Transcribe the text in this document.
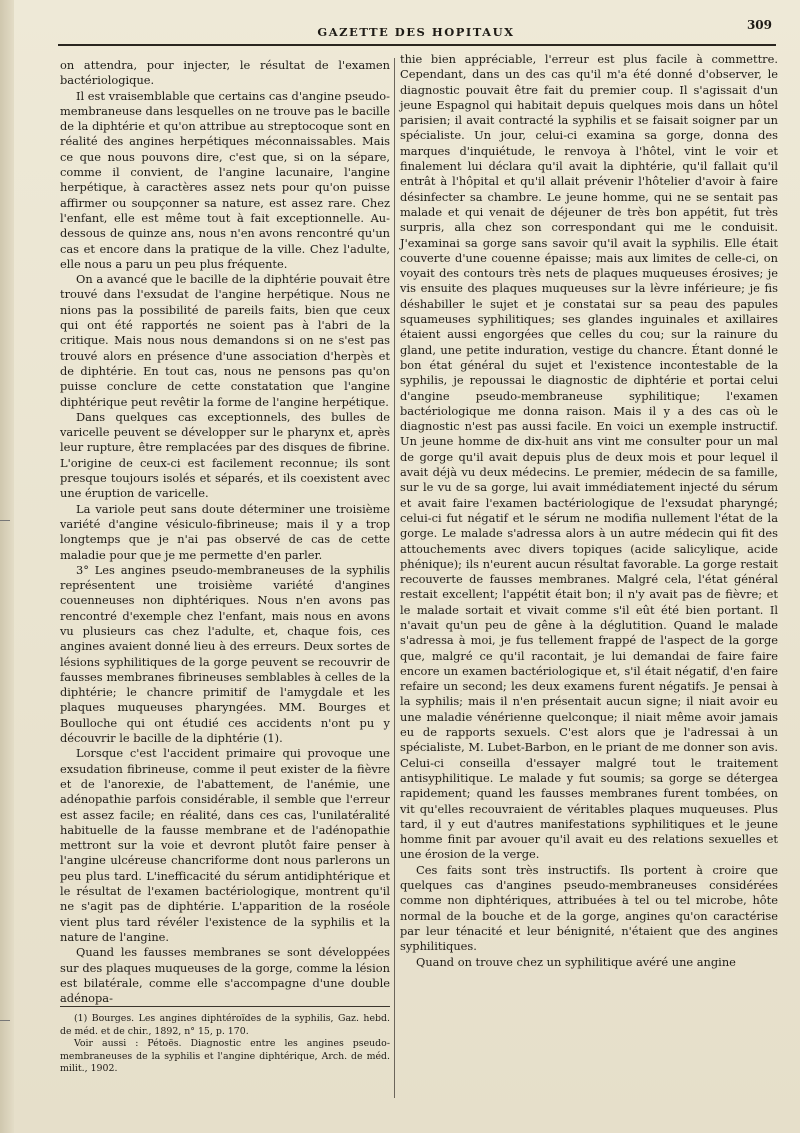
GAZETTE DES HOPITAUX	309

on attendra, pour injecter, le résultat de l'examen bactériologique.

Il est vraisemblable que certains cas d'angine pseudo-membraneuse dans lesquelles on ne trouve pas le bacille de la diphtérie et qu'on attribue au streptocoque sont en réalité des angines herpétiques méconnaissables. Mais ce que nous pouvons dire, c'est que, si on la sépare, comme il convient, de l'angine lacunaire, l'angine herpétique, à caractères assez nets pour qu'on puisse affirmer ou soupçonner sa nature, est assez rare. Chez l'enfant, elle est même tout à fait exceptionnelle. Au-dessous de quinze ans, nous n'en avons rencontré qu'un cas et encore dans la pratique de la ville. Chez l'adulte, elle nous a paru un peu plus fréquente.

On a avancé que le bacille de la diphtérie pouvait être trouvé dans l'exsudat de l'angine herpétique. Nous ne nions pas la possibilité de pareils faits, bien que ceux qui ont été rapportés ne soient pas à l'abri de la critique. Mais nous nous demandons si on ne s'est pas trouvé alors en présence d'une association d'herpès et de diphtérie. En tout cas, nous ne pensons pas qu'on puisse conclure de cette constatation que l'angine diphtérique peut revêtir la forme de l'angine herpétique.

Dans quelques cas exceptionnels, des bulles de varicelle peuvent se développer sur le pharynx et, après leur rupture, être remplacées par des disques de fibrine. L'origine de ceux-ci est facilement reconnue; ils sont presque toujours isolés et séparés, et ils coexistent avec une éruption de varicelle.

La variole peut sans doute déterminer une troisième variété d'angine vésiculo-fibrineuse; mais il y a trop longtemps que je n'ai pas observé de cas de cette maladie pour que je me permette d'en parler.

3° Les angines pseudo-membraneuses de la syphilis représentent une troisième variété d'angines couenneuses non diphtériques. Nous n'en avons pas rencontré d'exemple chez l'enfant, mais nous en avons vu plusieurs cas chez l'adulte, et, chaque fois, ces angines avaient donné lieu à des erreurs. Deux sortes de lésions syphilitiques de la gorge peuvent se recouvrir de fausses membranes fibrineuses semblables à celles de la diphtérie; le chancre primitif de l'amygdale et les plaques muqueuses pharyngées. MM. Bourges et Boulloche qui ont étudié ces accidents n'ont pu y découvrir le bacille de la diphtérie (1).

Lorsque c'est l'accident primaire qui provoque une exsudation fibrineuse, comme il peut exister de la fièvre et de l'anorexie, de l'abattement, de l'anémie, une adénopathie parfois considérable, il semble que l'erreur est assez facile; en réalité, dans ces cas, l'unilatéralité habituelle de la fausse membrane et de l'adénopathie mettront sur la voie et devront plutôt faire penser à l'angine ulcéreuse chancriforme dont nous parlerons un peu plus tard. L'inefficacité du sérum antidiphtérique et le résultat de l'examen bactériologique, montrent qu'il ne s'agit pas de diphtérie. L'apparition de la roséole vient plus tard révéler l'existence de la syphilis et la nature de l'angine.

Quand les fausses membranes se sont développées sur des plaques muqueuses de la gorge, comme la lésion est bilatérale, comme elle s'accompagne d'une double adénopa-

thie bien appréciable, l'erreur est plus facile à commettre. Cependant, dans un des cas qu'il m'a été donné d'observer, le diagnostic pouvait être fait du premier coup. Il s'agissait d'un jeune Espagnol qui habitait depuis quelques mois dans un hôtel parisien; il avait contracté la syphilis et se faisait soigner par un spécialiste. Un jour, celui-ci examina sa gorge, donna des marques d'inquiétude, le renvoya à l'hôtel, vint le voir et finalement lui déclara qu'il avait la diphtérie, qu'il fallait qu'il entrât à l'hôpital et qu'il allait prévenir l'hôtelier d'avoir à faire désinfecter sa chambre. Le jeune homme, qui ne se sentait pas malade et qui venait de déjeuner de très bon appétit, fut très surpris, alla chez son correspondant qui me le conduisit. J'examinai sa gorge sans savoir qu'il avait la syphilis. Elle était couverte d'une couenne épaisse; mais aux limites de celle-ci, on voyait des contours très nets de plaques muqueuses érosives; je vis ensuite des plaques muqueuses sur la lèvre inférieure; je fis déshabiller le sujet et je constatai sur sa peau des papules squameuses syphilitiques; ses glandes inguinales et axillaires étaient aussi engorgées que celles du cou; sur la rainure du gland, une petite induration, vestige du chancre. Étant donné le bon état général du sujet et l'existence incontestable de la syphilis, je repoussai le diagnostic de diphtérie et portai celui d'angine pseudo-membraneuse syphilitique; l'examen bactériologique me donna raison. Mais il y a des cas où le diagnostic n'est pas aussi facile. En voici un exemple instructif. Un jeune homme de dix-huit ans vint me consulter pour un mal de gorge qu'il avait depuis plus de deux mois et pour lequel il avait déjà vu deux médecins. Le premier, médecin de sa famille, sur le vu de sa gorge, lui avait immédiatement injecté du sérum et avait faire l'examen bactériologique de l'exsudat pharyngé; celui-ci fut négatif et le sérum ne modifia nullement l'état de la gorge. Le malade s'adressa alors à un autre médecin qui fit des attouchements avec divers topiques (acide salicylique, acide phénique); ils n'eurent aucun résultat favorable. La gorge restait recouverte de fausses membranes. Malgré cela, l'état général restait excellent; l'appétit était bon; il n'y avait pas de fièvre; et le malade sortait et vivait comme s'il eût été bien portant. Il n'avait qu'un peu de gêne à la déglutition. Quand le malade s'adressa à moi, je fus tellement frappé de l'aspect de la gorge que, malgré ce qu'il racontait, je lui demandai de faire faire encore un examen bactériologique et, s'il était négatif, d'en faire refaire un second; les deux examens furent négatifs. Je pensai à la syphilis; mais il n'en présentait aucun signe; il niait avoir eu une maladie vénérienne quelconque; il niait même avoir jamais eu de rapports sexuels. C'est alors que je l'adressai à un spécialiste, M. Lubet-Barbon, en le priant de me donner son avis. Celui-ci conseilla d'essayer malgré tout le traitement antisyphilitique. Le malade y fut soumis; sa gorge se détergea rapidement; quand les fausses membranes furent tombées, on vit qu'elles recouvraient de véritables plaques muqueuses. Plus tard, il y eut d'autres manifestations syphilitiques et le jeune homme finit par avouer qu'il avait eu des relations sexuelles et une érosion de la verge.

Ces faits sont très instructifs. Ils portent à croire que quelques cas d'angines pseudo-membraneuses considérées comme non diphtériques, attribuées à tel ou tel microbe, hôte normal de la bouche et de la gorge, angines qu'on caractérise par leur ténacité et leur bénignité, n'étaient que des angines syphilitiques.

Quand on trouve chez un syphilitique avéré une angine

(1) Bourges. Les angines diphtéroïdes de la syphilis, Gaz. hebd. de méd. et de chir., 1892, n° 15, p. 170.

Voir aussi : Pétoës. Diagnostic entre les angines pseudo-membraneuses de la syphilis et l'angine diphtérique, Arch. de méd. milit., 1902.
